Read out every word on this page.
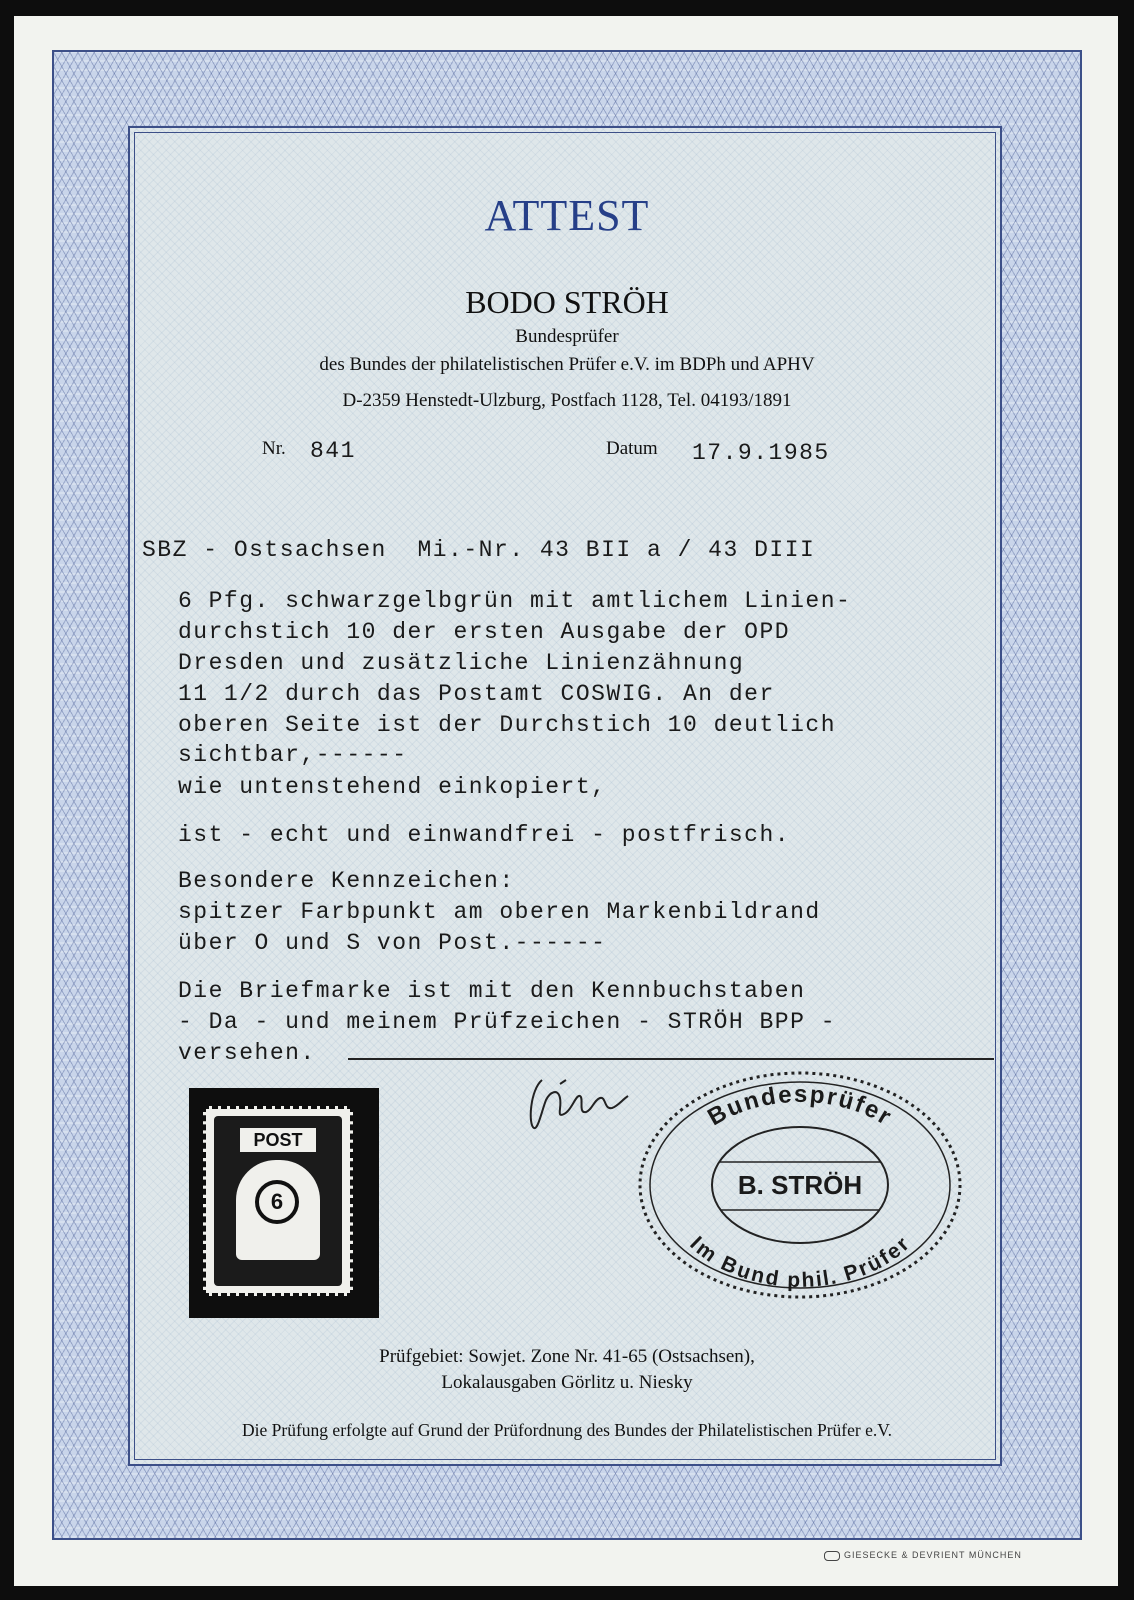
ATTEST
BODO STRÖH
Bundesprüfer
des Bundes der philatelistischen Prüfer e.V. im BDPh und APHV
D-2359 Henstedt-Ulzburg, Postfach 1128, Tel. 04193/1891
Nr. 841	Datum 17.9.1985
SBZ - Ostsachsen  Mi.-Nr. 43 BII a / 43 DIII
6 Pfg. schwarzgelbgrün mit amtlichem Linien-
durchstich 10 der ersten Ausgabe der OPD
Dresden und zusätzliche Linienzähnung
11 1/2 durch das Postamt COSWIG. An der
oberen Seite ist der Durchstich 10 deutlich
sichtbar,------
wie untenstehend einkopiert,
ist - echt und einwandfrei - postfrisch.
Besondere Kennzeichen:
spitzer Farbpunkt am oberen Markenbildrand
über O und S von Post.------
Die Briefmarke ist mit den Kennbuchstaben
- Da - und meinem Prüfzeichen - STRÖH BPP -
versehen.
POST
6
Bundesprüfer
B. STRÖH
Im Bund phil. Prüfer
Prüfgebiet: Sowjet. Zone Nr. 41-65 (Ostsachsen),
Lokalausgaben Görlitz u. Niesky
Die Prüfung erfolgte auf Grund der Prüfordnung des Bundes der Philatelistischen Prüfer e.V.
GIESECKE & DEVRIENT MÜNCHEN
